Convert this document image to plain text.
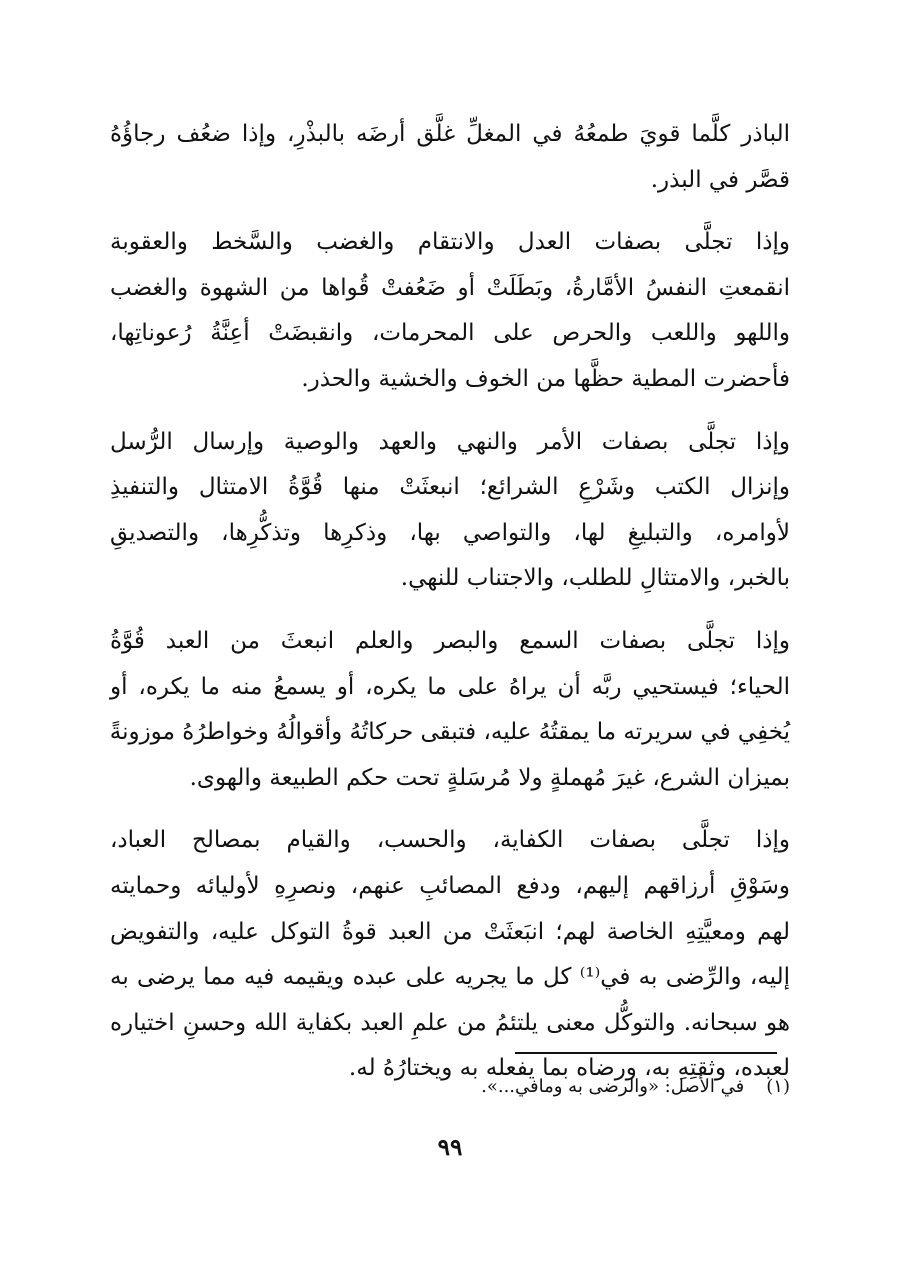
الباذر كلَّما قويَ طمعُهُ في المغلِّ غلَّق أرضَه بالبذْرِ، وإذا ضعُف رجاؤُهُ
قصَّر في البذر.

وإذا تجلَّى بصفات العدل والانتقام والغضب والسَّخط والعقوبة
انقمعتِ النفسُ الأمَّارةُ، وبَطَلَتْ أو ضَعُفتْ قُواها من الشهوة والغضب
واللهو واللعب والحرص على المحرمات، وانقبضَتْ أعِنَّةُ رُعوناتِها،
فأحضرت المطية حظَّها من الخوف والخشية والحذر.

وإذا تجلَّى بصفات الأمر والنهي والعهد والوصية وإرسال الرُّسل
وإنزال الكتب وشَرْعِ الشرائع؛ انبعثَتْ منها قُوَّةُ الامتثال والتنفيذِ
لأوامره، والتبليغِ لها، والتواصي بها، وذكرِها وتذكُّرِها، والتصديقِ
بالخبر، والامتثالِ للطلب، والاجتناب للنهي.

وإذا تجلَّى بصفات السمع والبصر والعلم انبعثَ من العبد قُوَّةُ
الحياء؛ فيستحيي ربَّه أن يراهُ على ما يكره، أو يسمعُ منه ما يكره، أو
يُخفِي في سريرته ما يمقتُهُ عليه، فتبقى حركاتُهُ وأقوالُهُ وخواطرُهُ موزونةً
بميزان الشرع، غيرَ مُهملةٍ ولا مُرسَلةٍ تحت حكم الطبيعة والهوى.

وإذا تجلَّى بصفات الكفاية، والحسب، والقيام بمصالح العباد،
وسَوْقِ أرزاقهم إليهم، ودفع المصائبِ عنهم، ونصرِهِ لأوليائه وحمايته
لهم ومعيَّتِهِ الخاصة لهم؛ انبَعثَتْ من العبد قوةُ التوكل عليه، والتفويض
إليه، والرِّضى به في⁽¹⁾ كل ما يجريه على عبده ويقيمه فيه مما يرضى به
هو سبحانه. والتوكُّل معنى يلتئمُ من علمِ العبد بكفاية الله وحسنِ اختياره
لعبده، وثقتِهِ به، ورضاه بما يفعله به ويختارُهُ له.

(١)في الأصل: «والرضى به ومافي...».
٩٩
